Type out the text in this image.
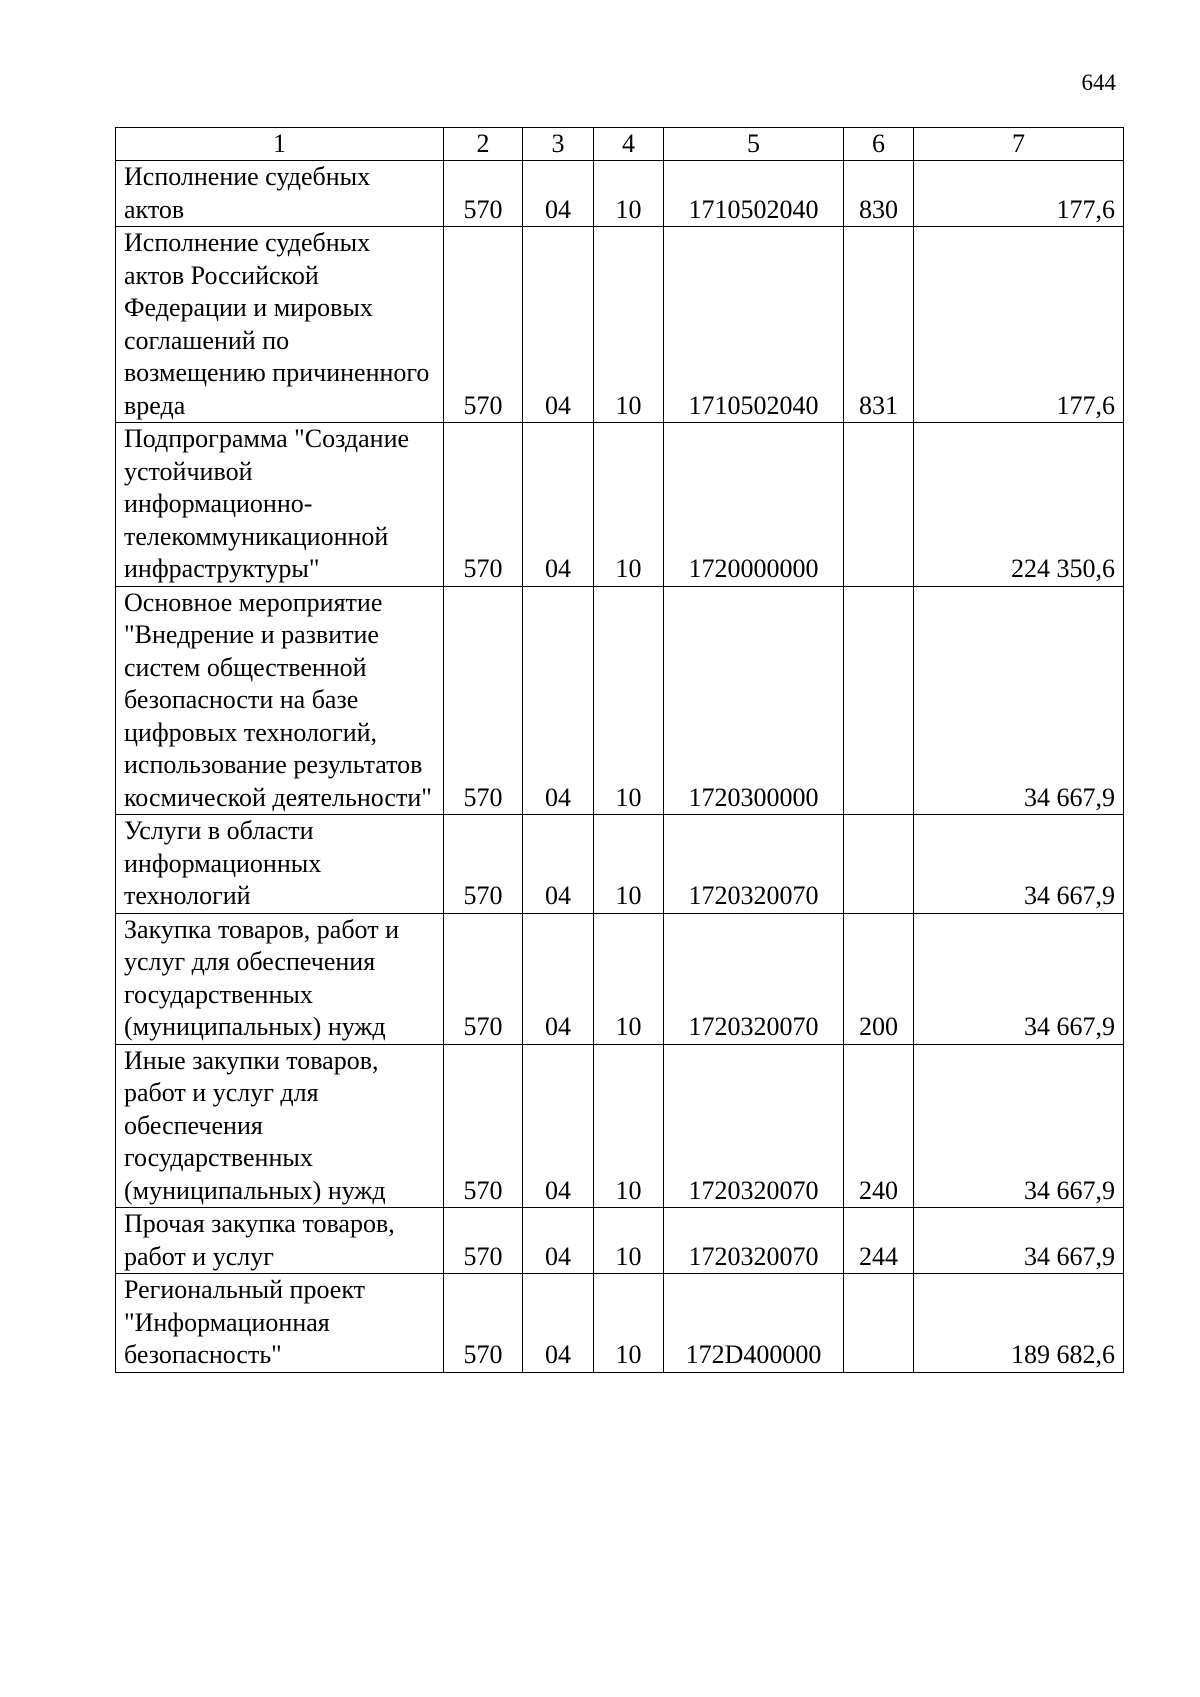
644
1	2	3	4	5	6	7
Исполнение судебных актов	570	04	10	1710502040	830	177,6
Исполнение судебных актов Российской Федерации и мировых соглашений по возмещению причиненного вреда	570	04	10	1710502040	831	177,6
Подпрограмма "Создание устойчивой информационно-телекоммуникационной инфраструктуры"	570	04	10	1720000000		224 350,6
Основное мероприятие "Внедрение и развитие систем общественной безопасности на базе цифровых технологий, использование результатов космической деятельности"	570	04	10	1720300000		34 667,9
Услуги в области информационных технологий	570	04	10	1720320070		34 667,9
Закупка товаров, работ и услуг для обеспечения государственных (муниципальных) нужд	570	04	10	1720320070	200	34 667,9
Иные закупки товаров, работ и услуг для обеспечения государственных (муниципальных) нужд	570	04	10	1720320070	240	34 667,9
Прочая закупка товаров, работ и услуг	570	04	10	1720320070	244	34 667,9
Региональный проект "Информационная безопасность"	570	04	10	172D400000		189 682,6
